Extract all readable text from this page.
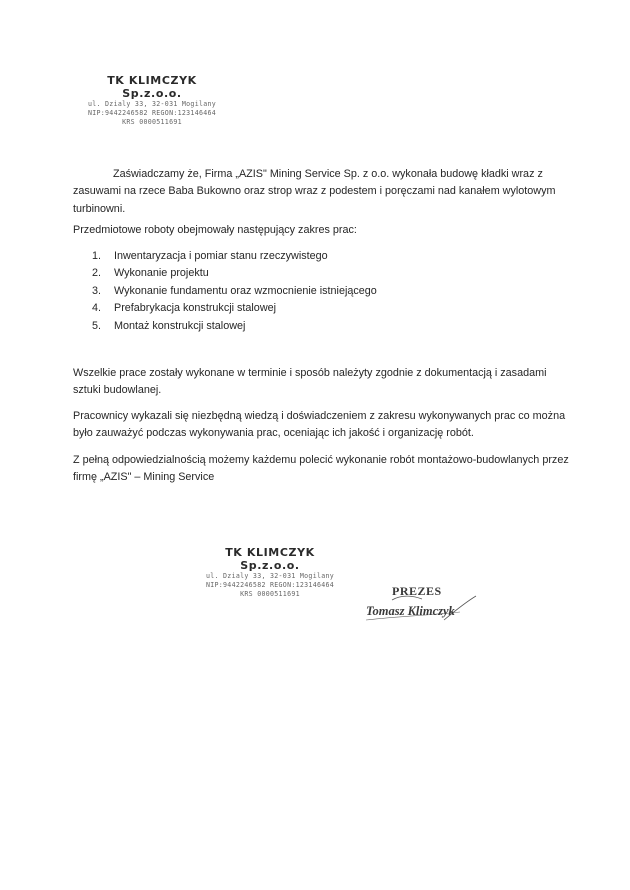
TK KLIMCZYK Sp.z.o.o.
ul. Dzialy 33, 32-031 Mogilany
NIP:9442246582 REGON:123146464
KRS 0000511691
Zaświadczamy że, Firma „AZIS" Mining Service Sp. z o.o. wykonała budowę kładki wraz z
zasuwami na rzece Baba Bukowno oraz strop wraz z podestem i poręczami nad kanałem wylotowym turbinowni.
Przedmiotowe roboty obejmowały następujący zakres prac:
1.	Inwentaryzacja i pomiar stanu rzeczywistego
2.	Wykonanie projektu
3.	Wykonanie fundamentu oraz wzmocnienie istniejącego
4.	Prefabrykacja konstrukcji stalowej
5.	Montaż konstrukcji stalowej
Wszelkie prace zostały wykonane w terminie i sposób należyty zgodnie z dokumentacją i zasadami sztuki budowlanej.
Pracownicy wykazali się niezbędną wiedzą i doświadczeniem z zakresu wykonywanych prac co można było zauważyć podczas wykonywania prac, oceniając ich jakość i organizację robót.
Z pełną odpowiedzialnością możemy każdemu polecić wykonanie robót montażowo-budowlanych przez firmę „AZIS" – Mining Service
TK KLIMCZYK Sp.z.o.o.
ul. Dzialy 33, 32-031 Mogilany
NIP:9442246582 REGON:123146464
KRS 0000511691	PREZES
Tomasz Klimczyk
